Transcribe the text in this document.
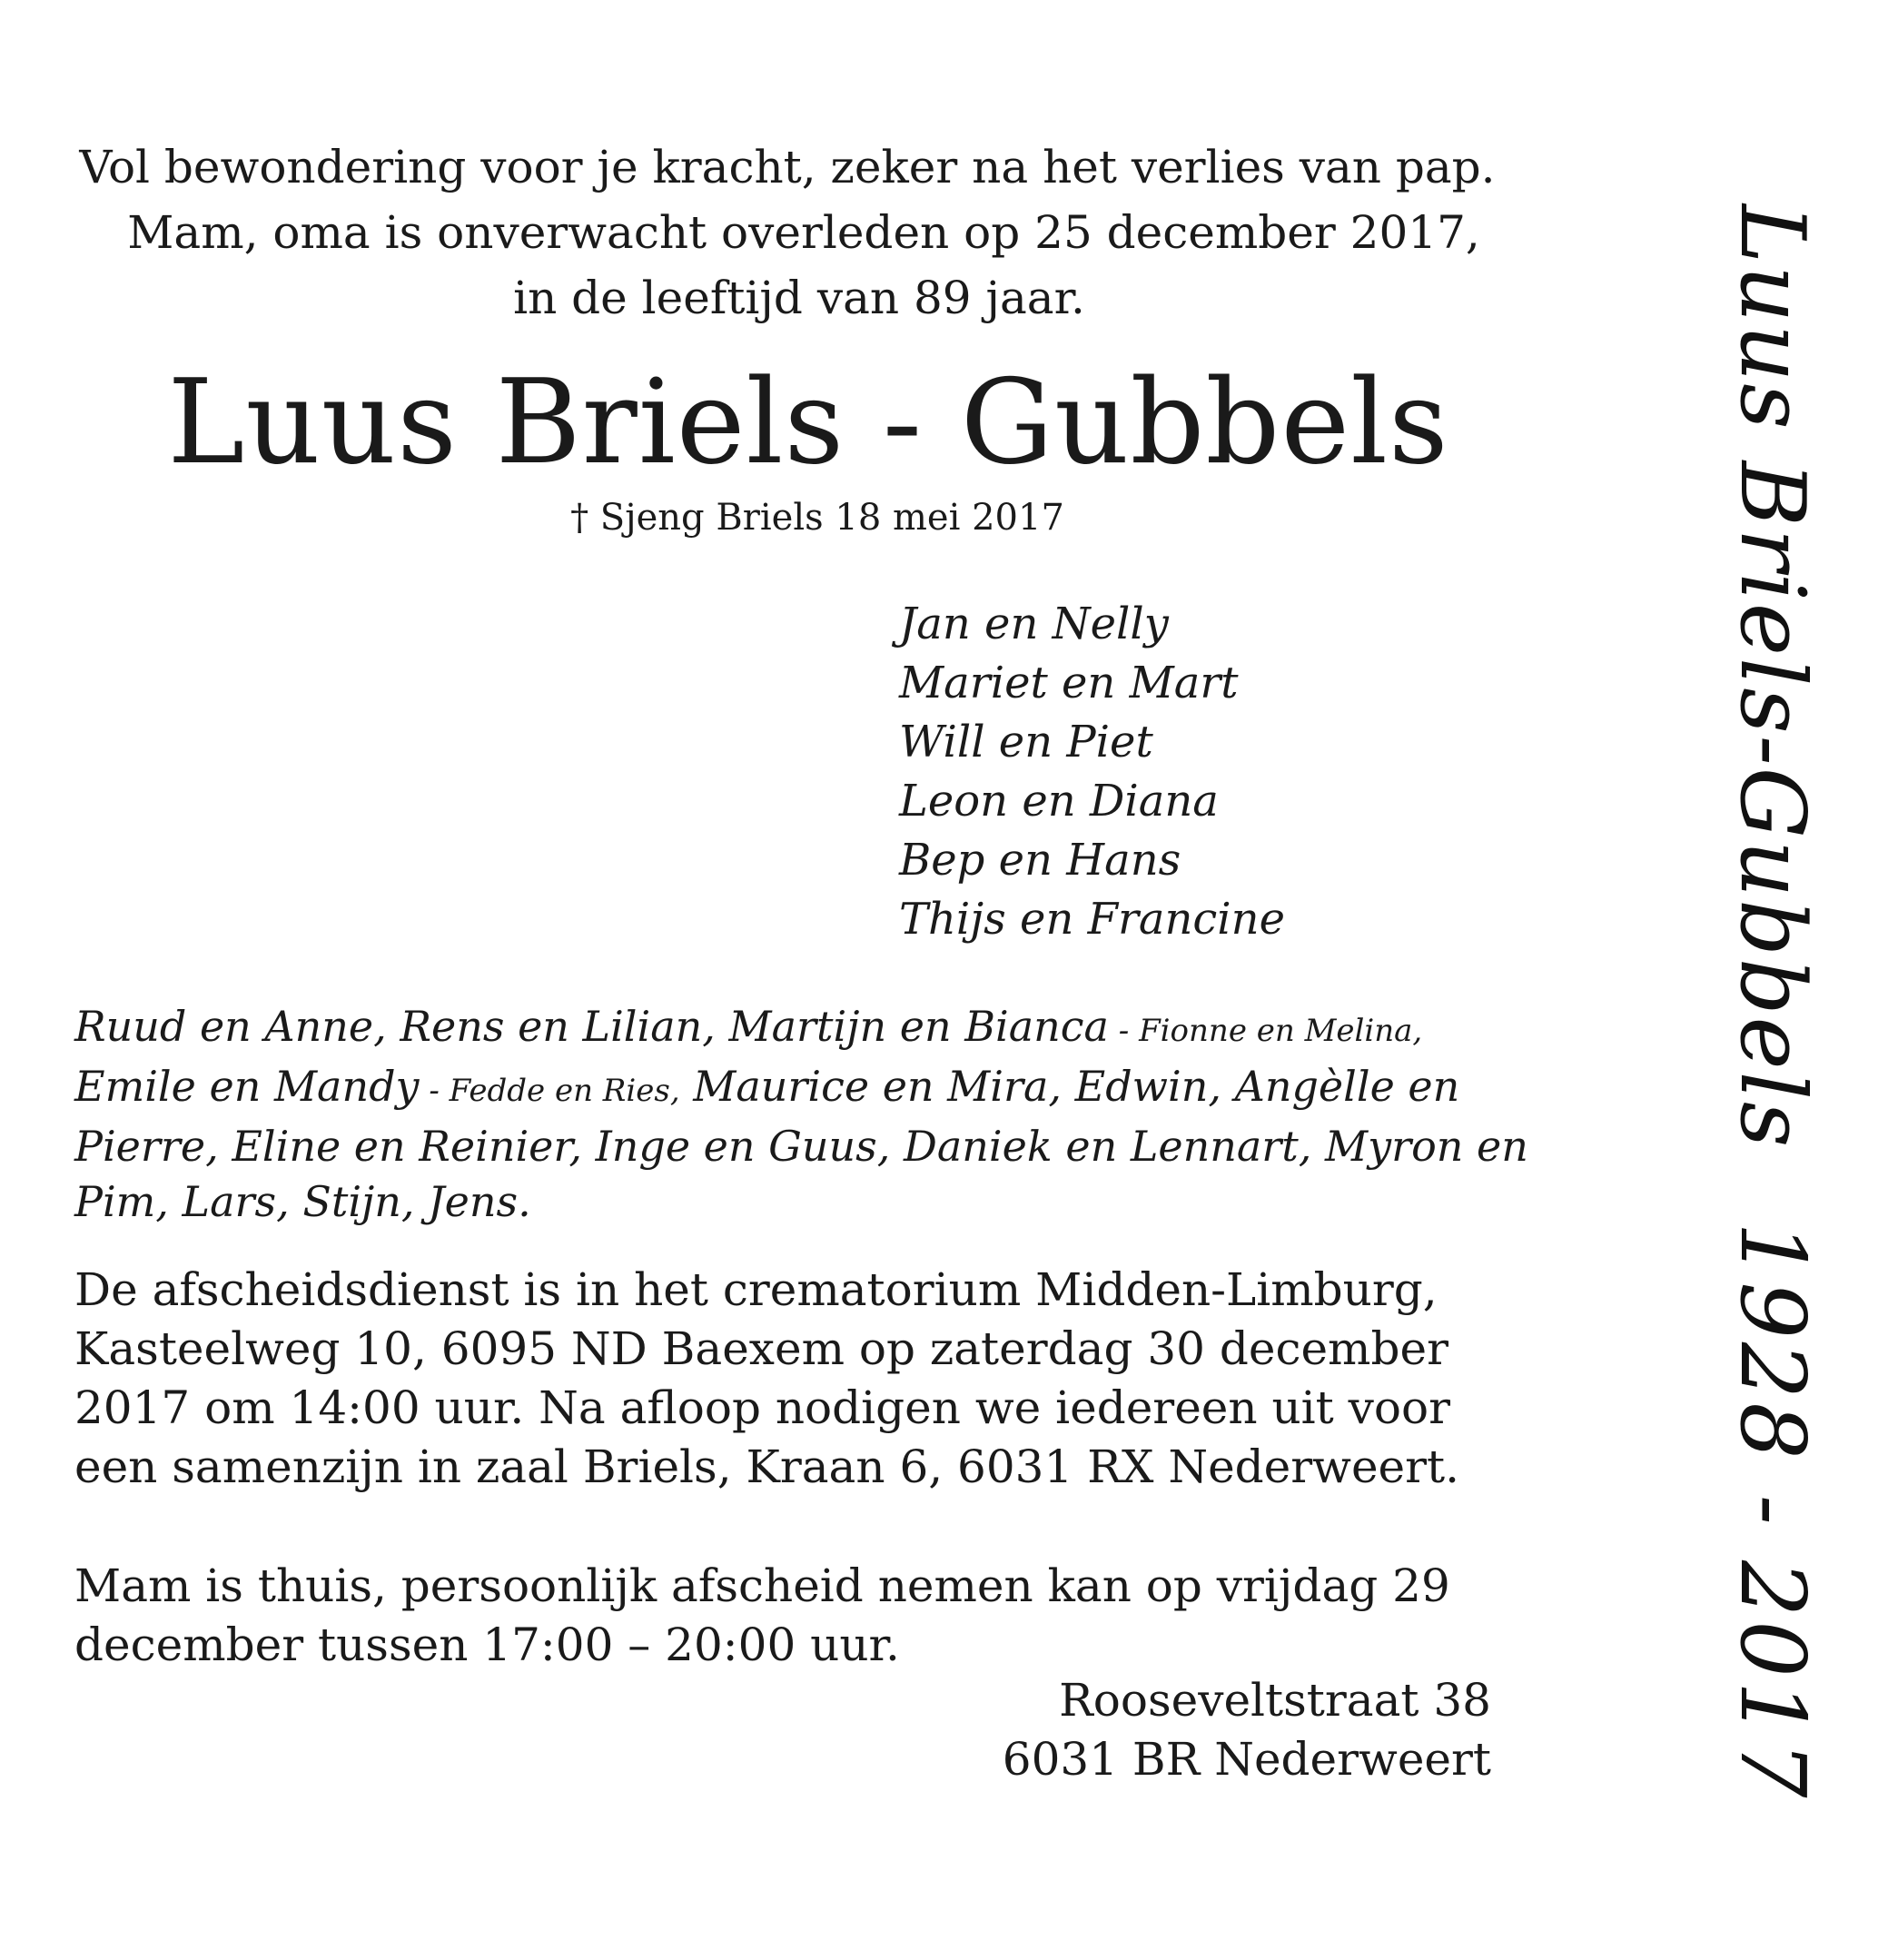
Vol bewondering voor je kracht, zeker na het verlies van pap.
Mam, oma is onverwacht overleden op 25 december 2017,
in de leeftijd van 89 jaar.
Luus Briels - Gubbels
† Sjeng Briels 18 mei 2017
Jan en Nelly
Mariet en Mart
Will en Piet
Leon en Diana
Bep en Hans
Thijs en Francine
Ruud en Anne, Rens en Lilian, Martijn en Bianca - Fionne en Melina,
Emile en Mandy - Fedde en Ries, Maurice en Mira, Edwin, Angèlle en
Pierre, Eline en Reinier, Inge en Guus, Daniek en Lennart, Myron en
Pim, Lars, Stijn, Jens.
De afscheidsdienst is in het crematorium Midden-Limburg,
Kasteelweg 10, 6095 ND Baexem op zaterdag 30 december
2017 om 14:00 uur. Na afloop nodigen we iedereen uit voor
een samenzijn in zaal Briels, Kraan 6, 6031 RX Nederweert.
Mam is thuis, persoonlijk afscheid nemen kan op vrijdag 29
december tussen 17:00 – 20:00 uur.
Rooseveltstraat 38
6031 BR Nederweert
Luus Briels-Gubbels1928 - 2017
